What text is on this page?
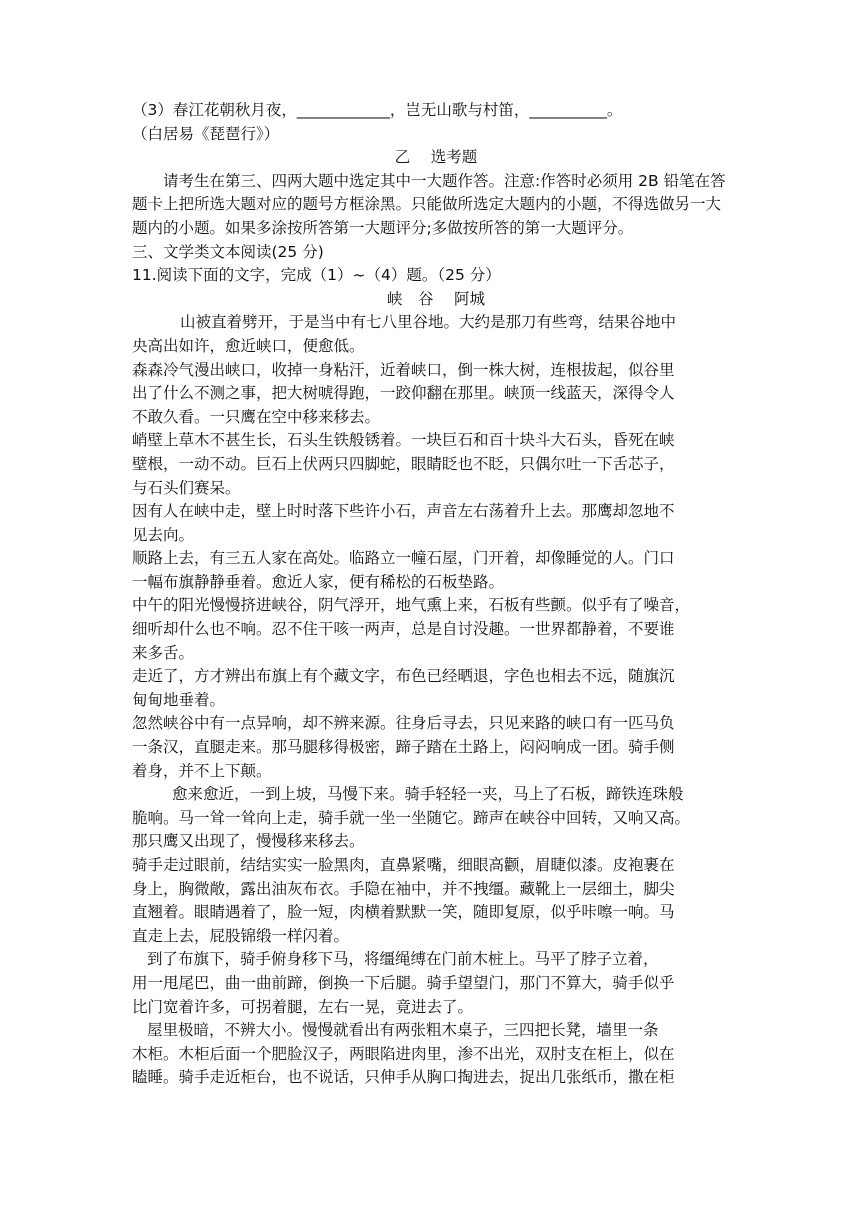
（3）春江花朝秋月夜，____________，岂无山歌与村笛，__________。
（白居易《琵琶行》）
乙　 选考题
请考生在第三、四两大题中选定其中一大题作答。注意:作答时必须用 2B 铅笔在答
题卡上把所选大题对应的题号方框涂黑。只能做所选定大题内的小题，不得选做另一大
题内的小题。如果多涂按所答第一大题评分;多做按所答的第一大题评分。
三、文学类文本阅读(25 分)
11.阅读下面的文字，完成（1）~（4）题。（25 分）
峡　谷　 阿城
山被直着劈开，于是当中有七八里谷地。大约是那刀有些弯，结果谷地中
央高出如许，愈近峡口，便愈低。
森森冷气漫出峡口，收掉一身粘汗，近着峡口，倒一株大树，连根拔起，似谷里
出了什么不测之事，把大树唬得跑，一跤仰翻在那里。峡顶一线蓝天，深得令人
不敢久看。一只鹰在空中移来移去。
峭壁上草木不甚生长，石头生铁般锈着。一块巨石和百十块斗大石头，昏死在峡
壁根，一动不动。巨石上伏两只四脚蛇，眼睛眨也不眨，只偶尔吐一下舌芯子，
与石头们赛呆。
因有人在峡中走，壁上时时落下些许小石，声音左右荡着升上去。那鹰却忽地不
见去向。
顺路上去，有三五人家在高处。临路立一幢石屋，门开着，却像睡觉的人。门口
一幅布旗静静垂着。愈近人家，便有稀松的石板垫路。
中午的阳光慢慢挤进峡谷，阴气浮开，地气熏上来，石板有些颤。似乎有了噪音，
细听却什么也不响。忍不住干咳一两声，总是自讨没趣。一世界都静着，不要谁
来多舌。
走近了，方才辨出布旗上有个藏文字，布色已经晒退，字色也相去不远，随旗沉
甸甸地垂着。
忽然峡谷中有一点异响，却不辨来源。往身后寻去，只见来路的峡口有一匹马负
一条汉，直腿走来。那马腿移得极密，蹄子踏在土路上，闷闷响成一团。骑手侧
着身，并不上下颠。
愈来愈近，一到上坡，马慢下来。骑手轻轻一夹，马上了石板，蹄铁连珠般
脆响。马一耸一耸向上走，骑手就一坐一坐随它。蹄声在峡谷中回转，又响又高。
那只鹰又出现了，慢慢移来移去。
骑手走过眼前，结结实实一脸黑肉，直鼻紧嘴，细眼高颧，眉睫似漆。皮袍裹在
身上，胸微敞，露出油灰布衣。手隐在袖中，并不拽缰。藏靴上一层细土，脚尖
直翘着。眼睛遇着了，脸一短，肉横着默默一笑，随即复原，似乎咔嚓一响。马
直走上去，屁股锦缎一样闪着。
到了布旗下，骑手俯身移下马，将缰绳缚在门前木桩上。马平了脖子立着，
用一甩尾巴，曲一曲前蹄，倒换一下后腿。骑手望望门，那门不算大，骑手似乎
比门宽着许多，可拐着腿，左右一晃，竟进去了。
屋里极暗，不辨大小。慢慢就看出有两张粗木桌子，三四把长凳，墙里一条
木柜。木柜后面一个肥脸汉子，两眼陷进肉里，渗不出光，双肘支在柜上，似在
瞌睡。骑手走近柜台，也不说话，只伸手从胸口掏进去，捉出几张纸币，撒在柜
